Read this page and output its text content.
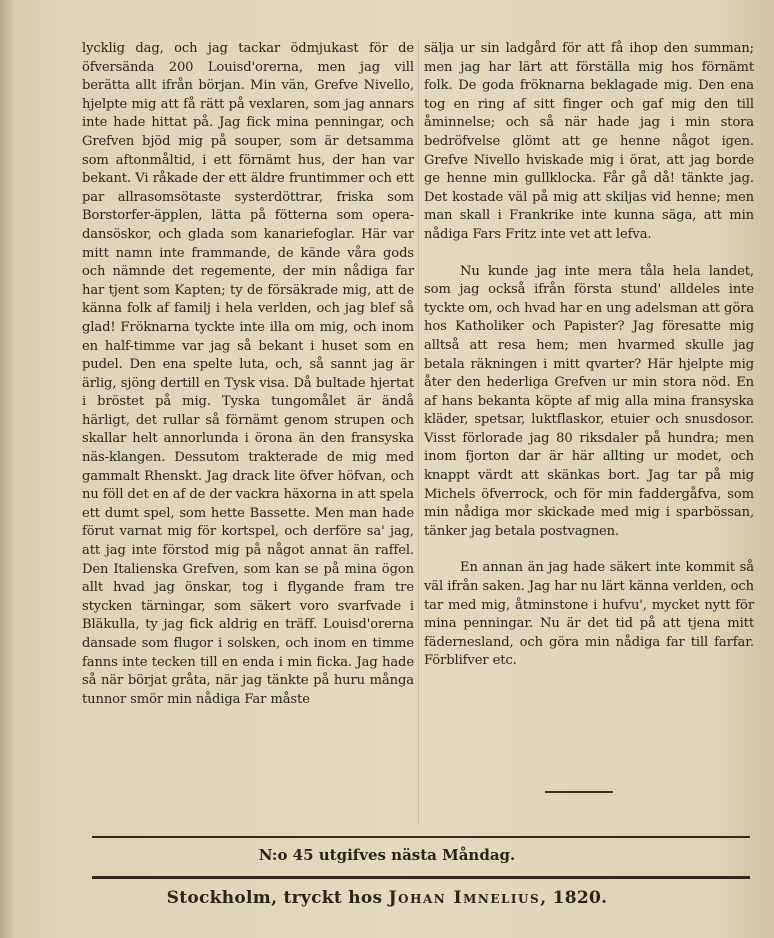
lycklig dag, och jag tackar ödmjukast för de öfversända 200 Louisd'orerna, men jag vill berätta allt ifrån början. Min vän, Grefve Nivello, hjelpte mig att få rätt på vexlaren, som jag annars inte hade hittat på. Jag fick mina penningar, och Grefven bjöd mig på souper, som är detsamma som aftonmåltid, i ett förnämt hus, der han var bekant. Vi råkade der ett äldre fruntimmer och ett par allrasomsötaste systerdöttrar, friska som Borstorfer-äpplen, lätta på fötterna som opera-dansöskor, och glada som kanariefoglar. Här var mitt namn inte frammande, de kände våra gods och nämnde det regemente, der min nådiga far har tjent som Kapten; ty de försäkrade mig, att de känna folk af familj i hela verlden, och jag blef så glad! Fröknarna tyckte inte illa om mig, och inom en half-timme var jag så bekant i huset som en pudel. Den ena spelte luta, och, så sannt jag är ärlig, sjöng dertill en Tysk visa. Då bultade hjertat i bröstet på mig. Tyska tungomålet är ändå härligt, det rullar så förnämt genom strupen och skallar helt annorlunda i örona än den fransyska näs-klangen. Dessutom trakterade de mig med gammalt Rhenskt. Jag drack lite öfver höfvan, och nu föll det en af de der vackra häxorna in att spela ett dumt spel, som hette Bassette. Men man hade förut varnat mig för kortspel, och derföre sa' jag, att jag inte förstod mig på något annat än raffel. Den Italienska Grefven, som kan se på mina ögon allt hvad jag önskar, tog i flygande fram tre stycken tärningar, som säkert voro svarfvade i Bläkulla, ty jag fick aldrig en träff. Louisd'orerna dansade som flugor i solsken, och inom en timme fanns inte tecken till en enda i min ficka. Jag hade så när börjat gråta, när jag tänkte på huru många tunnor smör min nådiga Far måste

sälja ur sin ladgård för att få ihop den summan; men jag har lärt att förställa mig hos förnämt folk. De goda fröknarna beklagade mig. Den ena tog en ring af sitt finger och gaf mig den till åminnelse; och så när hade jag i min stora bedröfvelse glömt att ge henne något igen. Grefve Nivello hviskade mig i örat, att jag borde ge henne min gullklocka. Får gå då! tänkte jag. Det kostade väl på mig att skiljas vid henne; men man skall i Frankrike inte kunna säga, att min nådiga Fars Fritz inte vet att lefva.

Nu kunde jag inte mera tåla hela landet, som jag också ifrån första stund' alldeles inte tyckte om, och hvad har en ung adelsman att göra hos Katholiker och Papister? Jag föresatte mig alltså att resa hem; men hvarmed skulle jag betala räkningen i mitt qvarter? Här hjelpte mig åter den hederliga Grefven ur min stora nöd. En af hans bekanta köpte af mig alla mina fransyska kläder, spetsar, luktflaskor, etuier och snusdosor. Visst förlorade jag 80 riksdaler på hundra; men inom fjorton dar är här allting ur modet, och knappt värdt att skänkas bort. Jag tar på mig Michels öfverrock, och för min faddergåfva, som min nådiga mor skickade med mig i sparbössan, tänker jag betala postvagnen.

En annan än jag hade säkert inte kommit så väl ifrån saken. Jag har nu lärt känna verlden, och tar med mig, åtminstone i hufvu', mycket nytt för mina penningar. Nu är det tid på att tjena mitt fädernesland, och göra min nådiga far till farfar. Förblifver etc.

N:o 45 utgifves nästa Måndag.
Stockholm, tryckt hos Johan Imnelius, 1820.
